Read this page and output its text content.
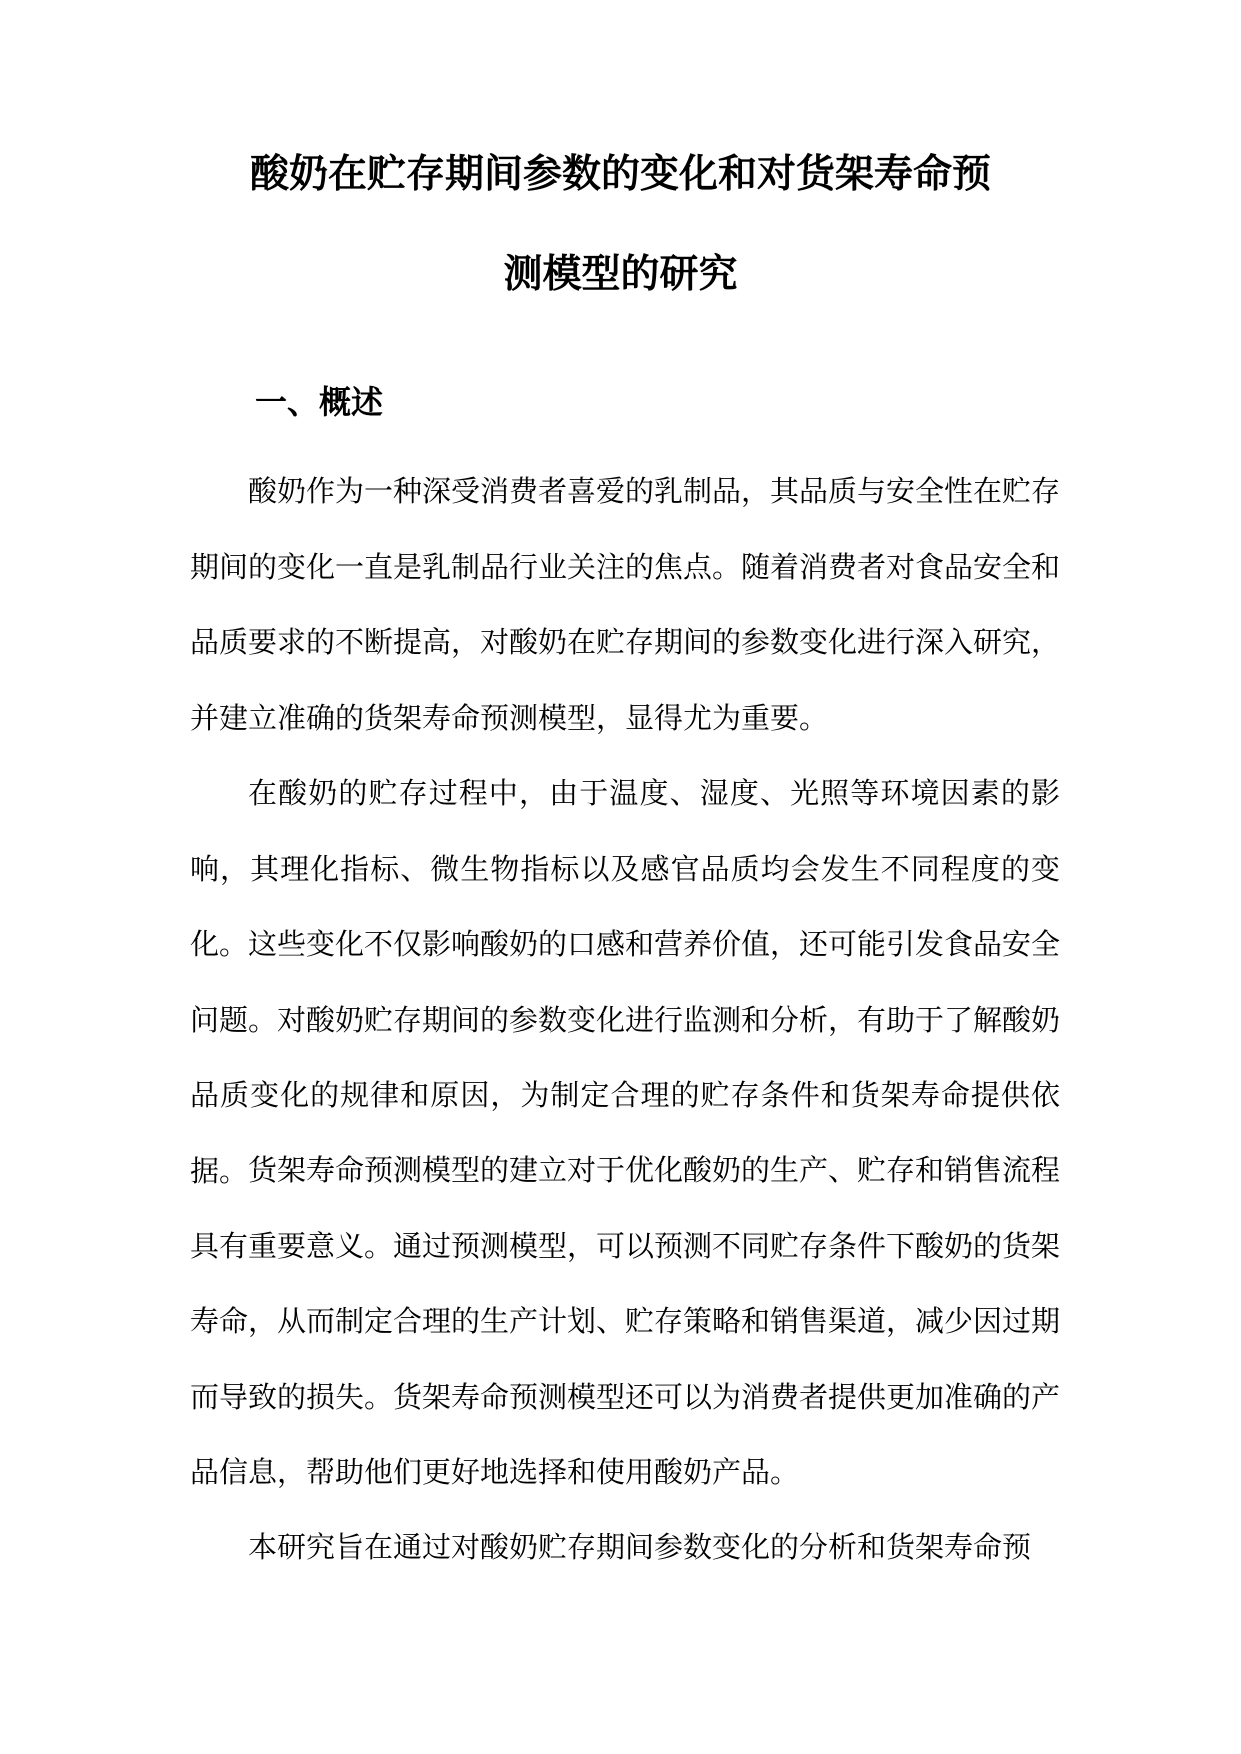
酸奶在贮存期间参数的变化和对货架寿命预
测模型的研究
一、概述

酸奶作为一种深受消费者喜爱的乳制品，其品质与安全性在贮存期间的变化一直是乳制品行业关注的焦点。随着消费者对食品安全和品质要求的不断提高，对酸奶在贮存期间的参数变化进行深入研究，并建立准确的货架寿命预测模型，显得尤为重要。

在酸奶的贮存过程中，由于温度、湿度、光照等环境因素的影响，其理化指标、微生物指标以及感官品质均会发生不同程度的变化。这些变化不仅影响酸奶的口感和营养价值，还可能引发食品安全问题。对酸奶贮存期间的参数变化进行监测和分析，有助于了解酸奶品质变化的规律和原因，为制定合理的贮存条件和货架寿命提供依据。 货架寿命预测模型的建立对于优化酸奶的生产、贮存和销售流程具有重要意义。通过预测模型，可以预测不同贮存条件下酸奶的货架寿命，从而制定合理的生产计划、贮存策略和销售渠道，减少因过期而导致的损失。货架寿命预测模型还可以为消费者提供更加准确的产品信息，帮助他们更好地选择和使用酸奶产品。

本研究旨在通过对酸奶贮存期间参数变化的分析和货架寿命预
